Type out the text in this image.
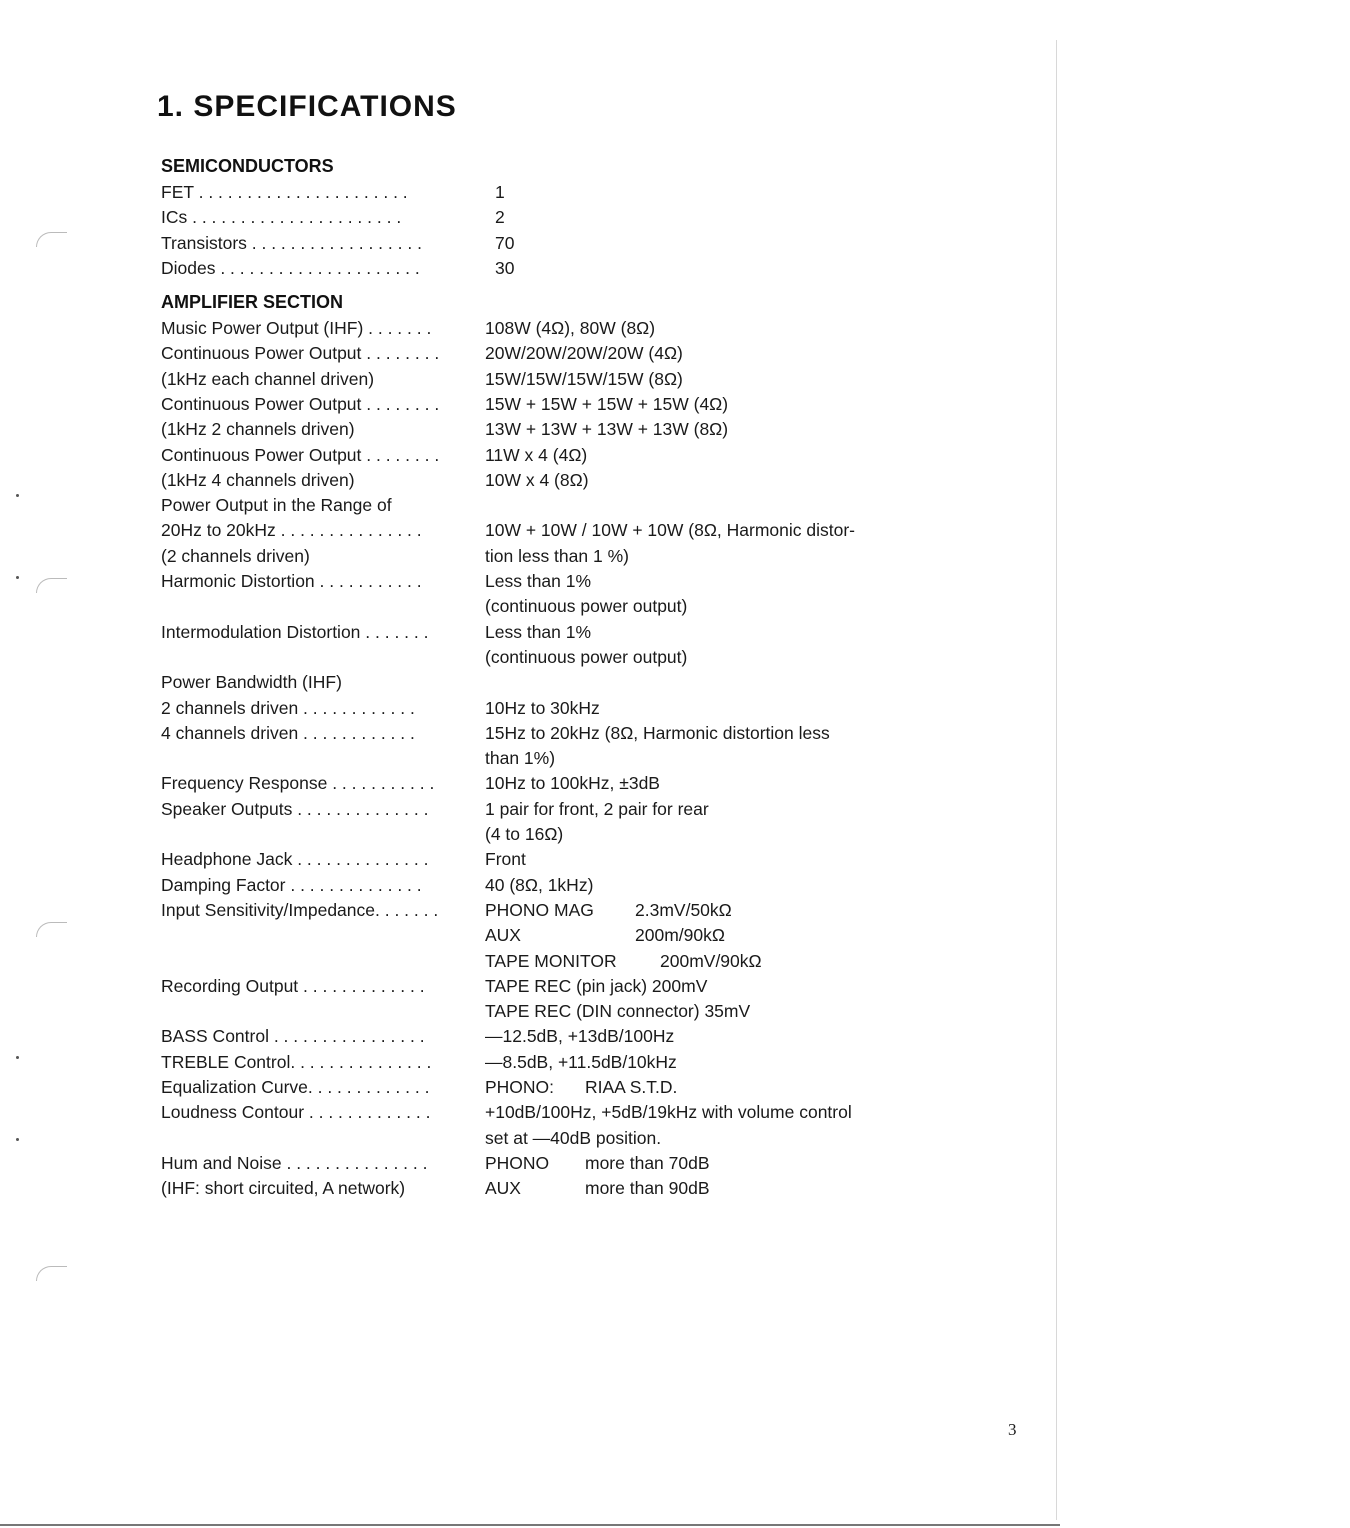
1. SPECIFICATIONS
SEMICONDUCTORS
FET . . . . . . . . . . . . . . . . . . . . . .	1
ICs . . . . . . . . . . . . . . . . . . . . . .	2
Transistors . . . . . . . . . . . . . . . . . .	70
Diodes . . . . . . . . . . . . . . . . . . . . .	30
AMPLIFIER SECTION
Music Power Output (IHF) . . . . . . .	108W (4Ω), 80W (8Ω)
Continuous Power Output . . . . . . . .	20W/20W/20W/20W (4Ω)
(1kHz each channel driven)	15W/15W/15W/15W (8Ω)
Continuous Power Output . . . . . . . .	15W + 15W + 15W + 15W (4Ω)
(1kHz 2 channels driven)	13W + 13W + 13W + 13W (8Ω)
Continuous Power Output . . . . . . . .	11W x 4 (4Ω)
(1kHz 4 channels driven)	10W x 4 (8Ω)
Power Output in the Range of
20Hz to 20kHz . . . . . . . . . . . . . . .	10W + 10W / 10W + 10W (8Ω, Harmonic distor-
(2 channels driven)	tion less than 1 %)
Harmonic Distortion . . . . . . . . . . .	Less than 1%
(continuous power output)
Intermodulation Distortion . . . . . . .	Less than 1%
(continuous power output)
Power Bandwidth (IHF)
2 channels driven . . . . . . . . . . . .	10Hz to 30kHz
4 channels driven . . . . . . . . . . . .	15Hz to 20kHz (8Ω, Harmonic distortion less
than 1%)
Frequency Response . . . . . . . . . . .	10Hz to 100kHz, ±3dB
Speaker Outputs . . . . . . . . . . . . . .	1 pair for front, 2 pair for rear
(4 to 16Ω)
Headphone Jack . . . . . . . . . . . . . .	Front
Damping Factor . . . . . . . . . . . . . .	40 (8Ω, 1kHz)
Input Sensitivity/Impedance. . . . . . .	PHONO MAG 2.3mV/50kΩ
AUX	200m/90kΩ
TAPE MONITOR 200mV/90kΩ
Recording Output . . . . . . . . . . . . .	TAPE REC (pin jack) 200mV
TAPE REC (DIN connector) 35mV
BASS Control . . . . . . . . . . . . . . . .	—12.5dB, +13dB/100Hz
TREBLE Control. . . . . . . . . . . . . . .	—8.5dB, +11.5dB/10kHz
Equalization Curve. . . . . . . . . . . . .	PHONO: RIAA S.T.D.
Loudness Contour . . . . . . . . . . . . .	+10dB/100Hz, +5dB/19kHz with volume control
set at —40dB position.
Hum and Noise . . . . . . . . . . . . . . .	PHONO more than 70dB
(IHF: short circuited, A network)	AUX	more than 90dB
3
